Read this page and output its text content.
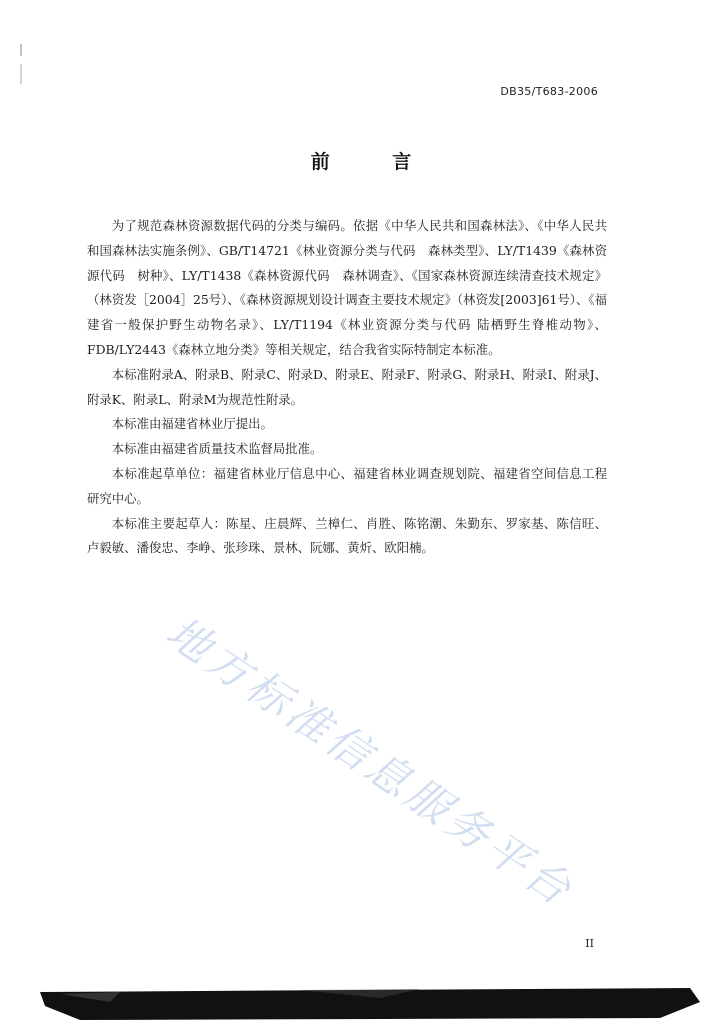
DB35/T683-2006
前 言

为了规范森林资源数据代码的分类与编码。依据《中华人民共和国森林法》、《中华人民共和国森林法实施条例》、GB/T14721《林业资源分类与代码　森林类型》、LY/T1439《森林资源代码　树种》、LY/T1438《森林资源代码　森林调查》、《国家森林资源连续清查技术规定》（林资发［2004］25号）、《森林资源规划设计调查主要技术规定》（林资发[2003]61号）、《福建省一般保护野生动物名录》、LY/T1194《林业资源分类与代码 陆栖野生脊椎动物》、FDB/LY2443《森林立地分类》等相关规定，结合我省实际特制定本标准。

本标准附录A、附录B、附录C、附录D、附录E、附录F、附录G、附录H、附录I、附录J、附录K、附录L、附录M为规范性附录。

本标准由福建省林业厅提出。

本标准由福建省质量技术监督局批准。

本标准起草单位：福建省林业厅信息中心、福建省林业调查规划院、福建省空间信息工程研究中心。

本标准主要起草人：陈星、庄晨辉、兰樟仁、肖胜、陈铭潮、朱勤东、罗家基、陈信旺、卢毅敏、潘俊忠、李峥、张珍珠、景林、阮娜、黄炘、欧阳楠。

地方标准信息服务平台
II
